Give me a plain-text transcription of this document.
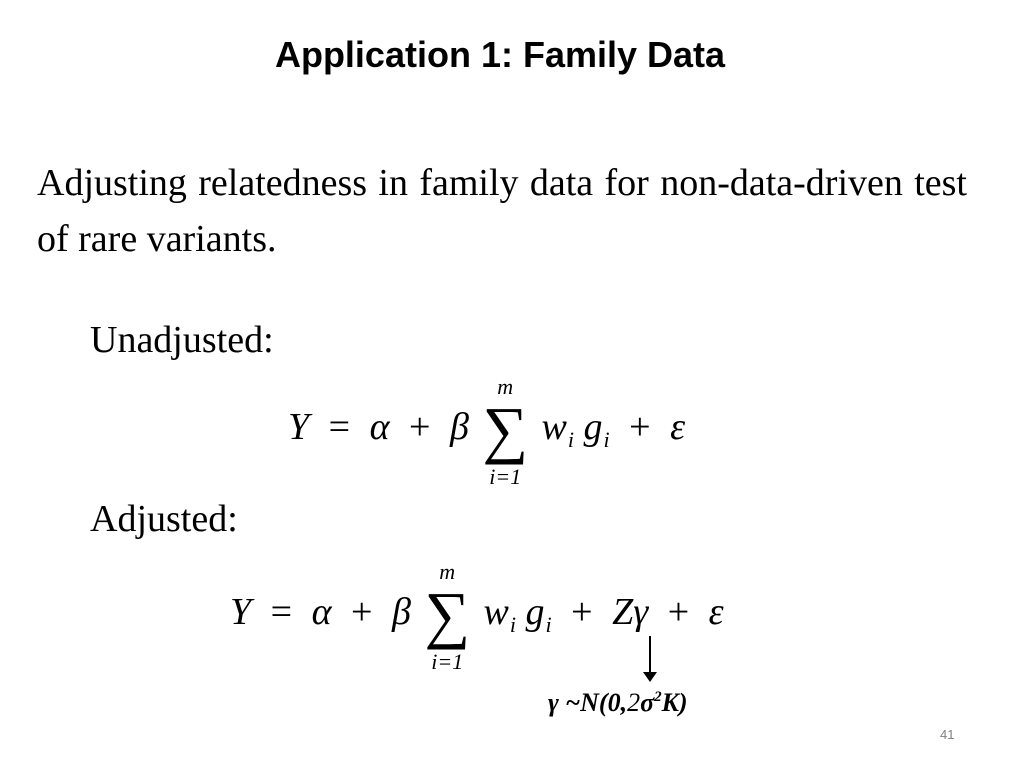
Application 1: Family Data
Adjusting relatedness in family data for non-data-driven test of rare variants.
Unadjusted:
Y = α + β
m
∑
i=1
$w_i$ $g_i + \varepsilon$
Adjusted:
Y = α + β
m
∑
i=1
$w_i$ $g_i + Z\gamma + \varepsilon$
γ $\sim N(0,2\sigma^2K)$
41
